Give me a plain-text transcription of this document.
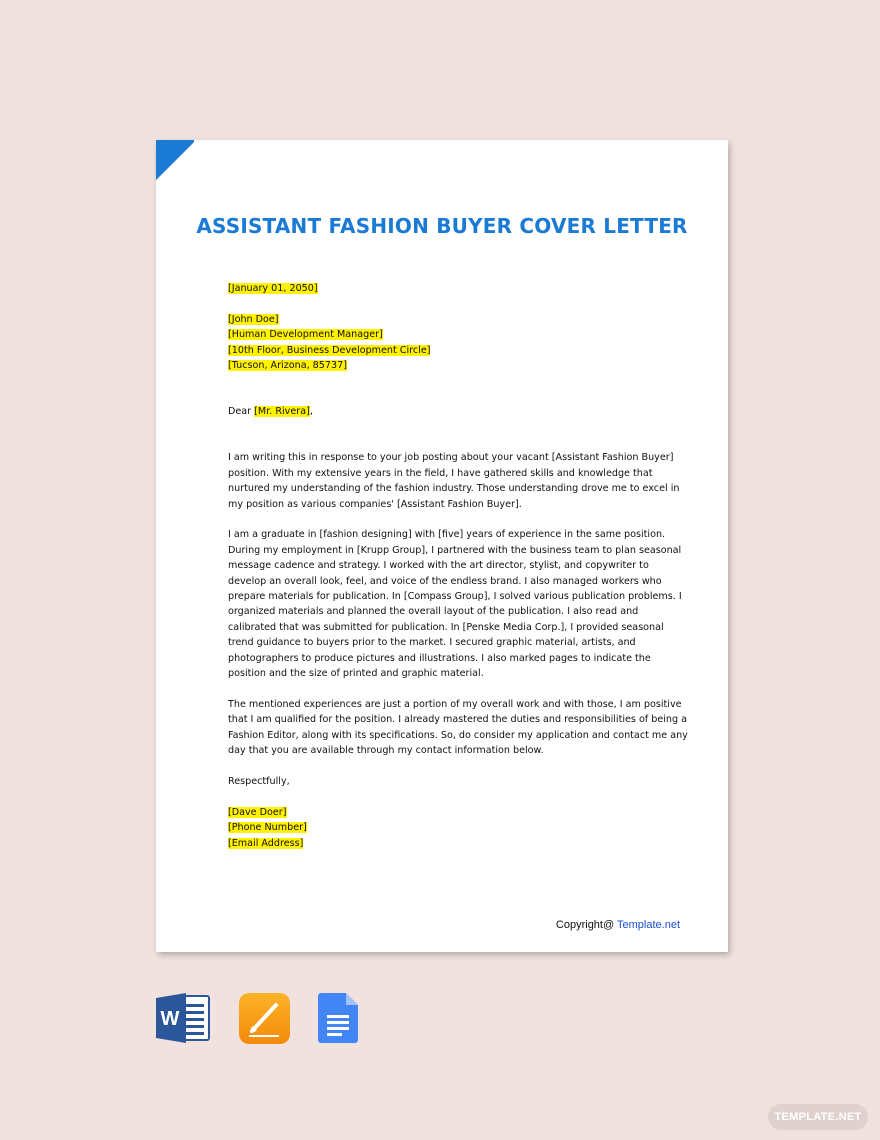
ASSISTANT FASHION BUYER COVER LETTER

[January 01, 2050]

[John Doe]

[Human Development Manager]

[10th Floor, Business Development Circle]

[Tucson, Arizona, 85737]

Dear [Mr. Rivera],

I am writing this in response to your job posting about your vacant [Assistant Fashion Buyer] position. With my extensive years in the field, I have gathered skills and knowledge that nurtured my understanding of the fashion industry. Those understanding drove me to excel in my position as various companies' [Assistant Fashion Buyer].

I am a graduate in [fashion designing] with [five] years of experience in the same position. During my employment in [Krupp Group], I partnered with the business team to plan seasonal message cadence and strategy. I worked with the art director, stylist, and copywriter to develop an overall look, feel, and voice of the endless brand. I also managed workers who prepare materials for publication. In [Compass Group], I solved various publication problems. I organized materials and planned the overall layout of the publication. I also read and calibrated that was submitted for publication. In [Penske Media Corp.], I provided seasonal trend guidance to buyers prior to the market. I secured graphic material, artists, and photographers to produce pictures and illustrations. I also marked pages to indicate the position and the size of printed and graphic material.

The mentioned experiences are just a portion of my overall work and with those, I am positive that I am qualified for the position. I already mastered the duties and responsibilities of being a Fashion Editor, along with its specifications. So, do consider my application and contact me any day that you are available through my contact information below.

Respectfully,

[Dave Doer]

[Phone Number]

[Email Address]

Copyright@ Template.net
W
TEMPLATE.NET
